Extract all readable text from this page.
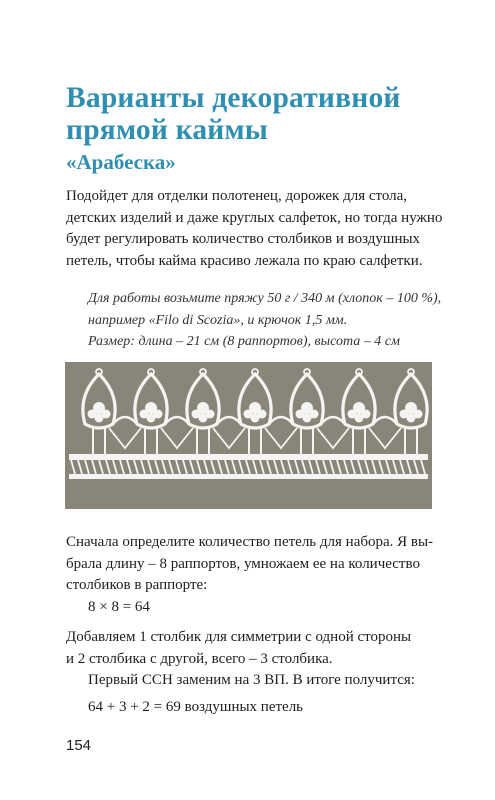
Варианты декоративной
прямой каймы
«Арабеска»

Подойдет для отделки полотенец, дорожек для стола,
детских изделий и даже круглых салфеток, но тогда нужно
будет регулировать количество столбиков и воздушных
петель, чтобы кайма красиво лежала по краю салфетки.

Для работы возьмите пряжу 50 г / 340 м (хлопок – 100 %),
например «Filo di Scozia», и крючок 1,5 мм.
Размер: длина – 21 см (8 раппортов), высота – 4 см

Сначала определите количество петель для набора. Я вы-
брала длину – 8 раппортов, умножаем ее на количество
столбиков в раппорте:

8 × 8 = 64

Добавляем 1 столбик для симметрии с одной стороны
и 2 столбика с другой, всего – 3 столбика.

Первый ССН заменим на 3 ВП. В итоге получится:
64 + 3 + 2 = 69 воздушных петель
154
